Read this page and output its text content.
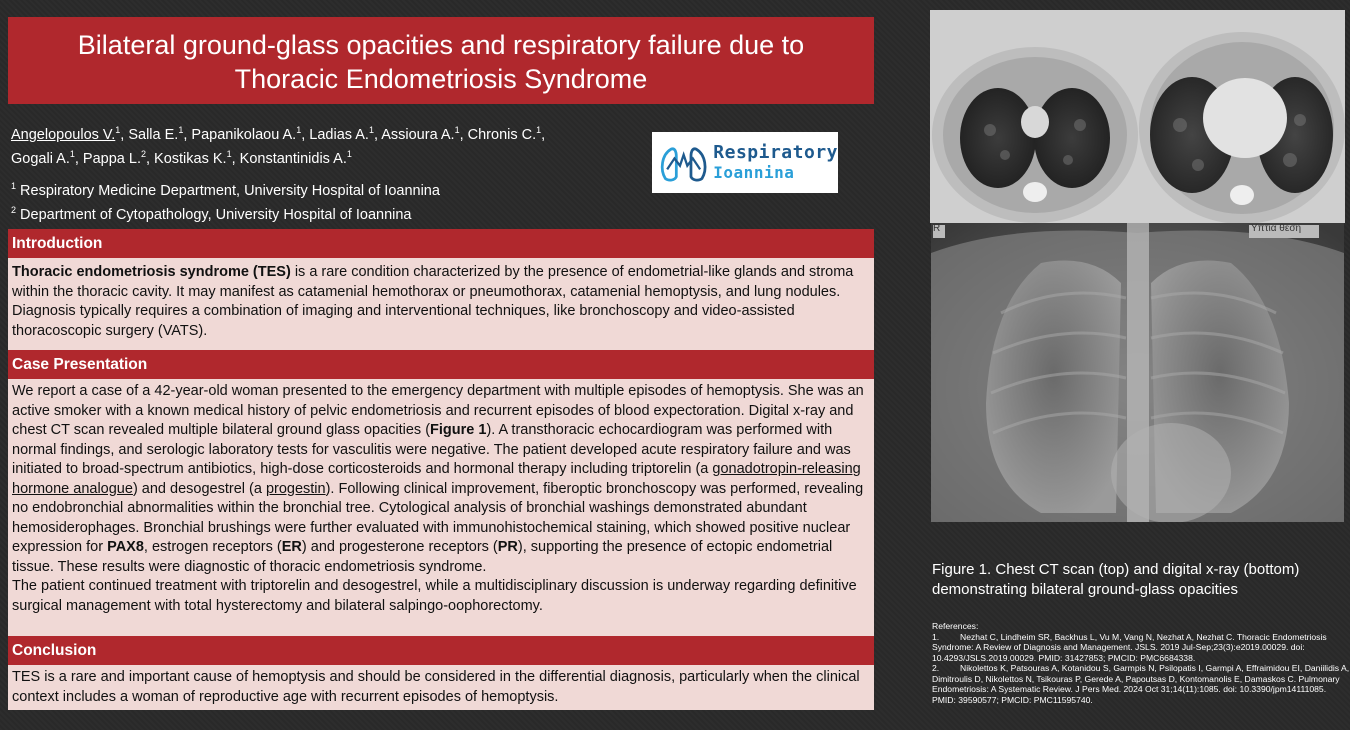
Bilateral ground-glass opacities and respiratory failure due to
Thoracic Endometriosis Syndrome
Angelopoulos V.$^1$, Salla E.$^1$, Papanikolaou A.$^1$, Ladias A.$^1$, Assioura A.$^1$, Chronis C.$^1$,
Gogali A.$^1$, Pappa L.$^2$, Kostikas K.$^1$, Konstantinidis A.$^1$
$^1$ Respiratory Medicine Department, University Hospital of Ioannina
$^2$ Department of Cytopathology, University Hospital of Ioannina
Respiratory
Ioannina
Introduction
Thoracic endometriosis syndrome (TES) is a rare condition characterized by the presence of endometrial-like glands and stroma within the thoracic cavity. It may manifest as catamenial hemothorax or pneumothorax, catamenial hemoptysis, and lung nodules. Diagnosis typically requires a combination of imaging and interventional techniques, like bronchoscopy and video-assisted thoracoscopic surgery (VATS).
Case Presentation
We report a case of a 42-year-old woman presented to the emergency department with multiple episodes of hemoptysis. She was an active smoker with a known medical history of pelvic endometriosis and recurrent episodes of blood expectoration. Digital x-ray and chest CT scan revealed multiple bilateral ground glass opacities (Figure 1). A transthoracic echocardiogram was performed with normal findings, and serologic laboratory tests for vasculitis were negative. The patient developed acute respiratory failure and was initiated to broad-spectrum antibiotics, high-dose corticosteroids and hormonal therapy including triptorelin (a gonadotropin-releasing hormone analogue) and desogestrel (a progestin). Following clinical improvement, fiberoptic bronchoscopy was performed, revealing no endobronchial abnormalities within the bronchial tree. Cytological analysis of bronchial washings demonstrated abundant hemosiderophages. Bronchial brushings were further evaluated with immunohistochemical staining, which showed positive nuclear expression for PAX8, estrogen receptors (ER) and progesterone receptors (PR), supporting the presence of ectopic endometrial tissue. These results were diagnostic of thoracic endometriosis syndrome.
The patient continued treatment with triptorelin and desogestrel, while a multidisciplinary discussion is underway regarding definitive surgical management with total hysterectomy and bilateral salpingo-oophorectomy.
Conclusion
TES is a rare and important cause of hemoptysis and should be considered in the differential diagnosis, particularly when the clinical context includes a woman of reproductive age with recurrent episodes of hemoptysis.
R	Υπτια θεση
Figure 1. Chest CT scan (top) and digital x-ray (bottom)
demonstrating bilateral ground-glass opacities
References:
1. Nezhat C, Lindheim SR, Backhus L, Vu M, Vang N, Nezhat A, Nezhat C. Thoracic Endometriosis Syndrome: A Review of Diagnosis and Management. JSLS. 2019 Jul-Sep;23(3):e2019.00029. doi: 10.4293/JSLS.2019.00029. PMID: 31427853; PMCID: PMC6684338.
2. Nikolettos K, Patsouras A, Kotanidou S, Garmpis N, Psilopatis I, Garmpi A, Effraimidou EI, Daniilidis A, Dimitroulis D, Nikolettos N, Tsikouras P, Gerede A, Papoutsas D, Kontomanolis E, Damaskos C. Pulmonary Endometriosis: A Systematic Review. J Pers Med. 2024 Oct 31;14(11):1085. doi: 10.3390/jpm14111085. PMID: 39590577; PMCID: PMC11595740.
